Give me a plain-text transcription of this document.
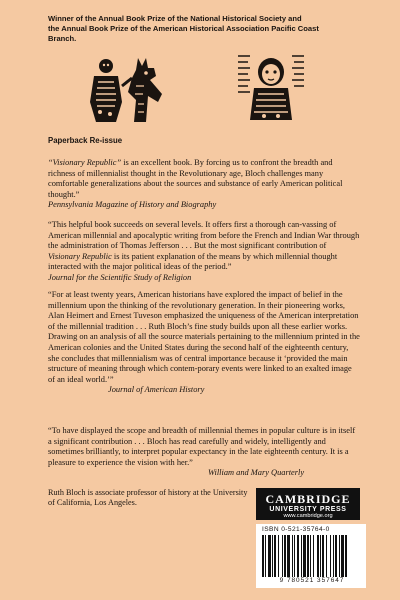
Winner of the Annual Book Prize of the National Historical Society and
the Annual Book Prize of the American Historical Association Pacific Coast
Branch.
Paperback Re-issue

“Visionary Republic” is an excellent book. By forcing us to confront the breadth and richness of millennialist thought in the Revolutionary age, Bloch challenges many comfortable generalizations about the sources and substance of early American political thought.”

Pennsylvania Magazine of History and Biography

“This helpful book succeeds on several levels. It offers first a thorough can-vassing of American millennial and apocalyptic writing from before the French and Indian War through the administration of Thomas Jefferson . . . But the most significant contribution of Visionary Republic is its patient explanation of the means by which millennial thought interacted with the major political ideas of the period.”

Journal for the Scientific Study of Religion

“For at least twenty years, American historians have explored the impact of belief in the millennium upon the thinking of the revolutionary generation. In their pioneering works, Alan Heimert and Ernest Tuveson emphasized the uniqueness of the American interpretation of the millennial tradition . . . Ruth Bloch’s fine study builds upon all these earlier works. Drawing on an analysis of all the source materials pertaining to the millennium printed in the American colonies and the United States during the second half of the eighteenth century, she concludes that millennialism was of central importance because it ‘provided the main structure of meaning through which contem-porary events were linked to an exalted image of an ideal world.’”

Journal of American History

“To have displayed the scope and breadth of millennial themes in popular culture is in itself a significant contribution . . . Bloch has read carefully and widely, intelligently and sometimes brilliantly, to interpret popular expectancy in the late eighteenth century. It is a pleasure to experience the vision with her.”

William and Mary Quarterly

Ruth Bloch is associate professor of history at the University of California, Los Angeles.	CAMBRIDGE
UNIVERSITY PRESS
www.cambridge.org
ISBN 0-521-35764-0
9 780521 357647
